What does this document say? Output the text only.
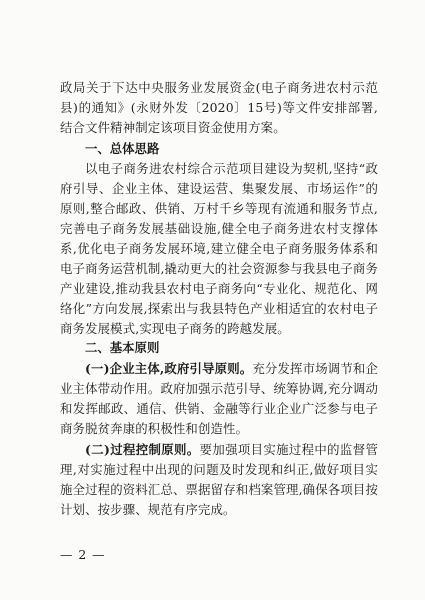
政局关于下达中央服务业发展资金(电子商务进农村示范县)的通知》(永财外发〔2020〕15号)等文件安排部署,结合文件精神制定该项目资金使用方案。

一、总体思路

以电子商务进农村综合示范项目建设为契机,坚持“政府引导、企业主体、建设运营、集聚发展、市场运作”的原则,整合邮政、供销、万村千乡等现有流通和服务节点,完善电子商务发展基础设施,健全电子商务进农村支撑体系,优化电子商务发展环境,建立健全电子商务服务体系和电子商务运营机制,撬动更大的社会资源参与我县电子商务产业建设,推动我县农村电子商务向“专业化、规范化、网络化”方向发展,探索出与我县特色产业相适宜的农村电子商务发展模式,实现电子商务的跨越发展。

二、基本原则

(一)企业主体,政府引导原则。充分发挥市场调节和企业主体带动作用。政府加强示范引导、统筹协调,充分调动和发挥邮政、通信、供销、金融等行业企业广泛参与电子商务脱贫奔康的积极性和创造性。

(二)过程控制原则。要加强项目实施过程中的监督管理,对实施过程中出现的问题及时发现和纠正,做好项目实施全过程的资料汇总、票据留存和档案管理,确保各项目按计划、按步骤、规范有序完成。

— 2 —
